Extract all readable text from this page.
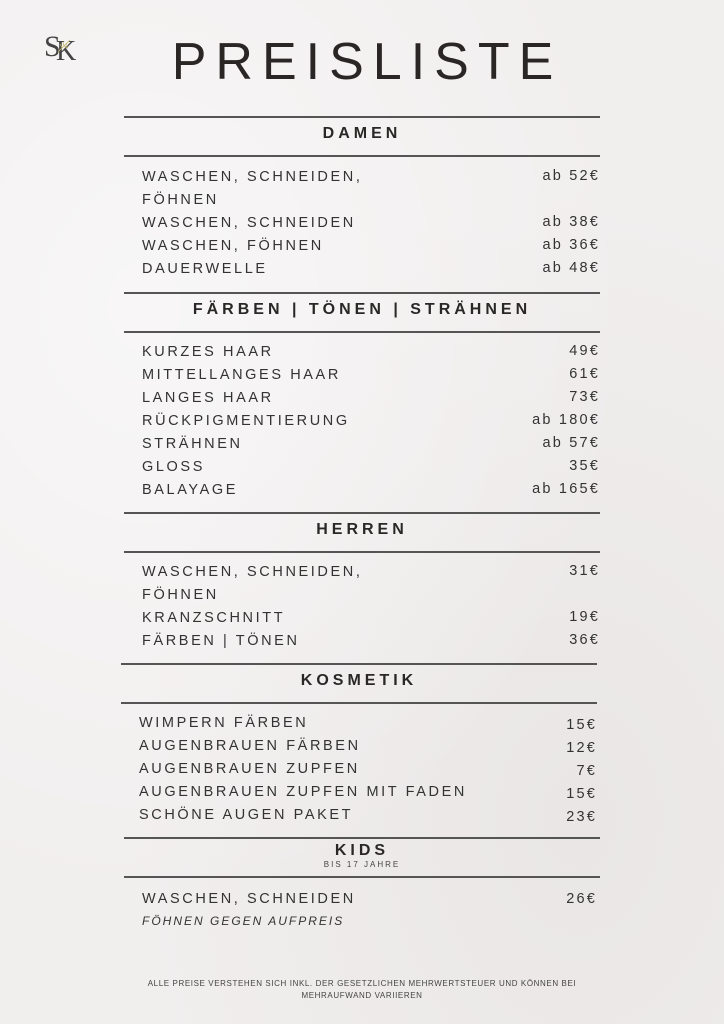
S
K	PREISLISTE
DAMEN
WASCHEN, SCHNEIDEN,	ab 52€
FÖHNEN
WASCHEN, SCHNEIDEN	ab 38€
WASCHEN, FÖHNEN	ab 36€
DAUERWELLE	ab 48€
FÄRBEN | TÖNEN | STRÄHNEN
KURZES HAAR	49€
MITTELLANGES HAAR	61€
LANGES HAAR	73€
RÜCKPIGMENTIERUNG	ab 180€
STRÄHNEN	ab 57€
GLOSS	35€
BALAYAGE	ab 165€
HERREN
WASCHEN, SCHNEIDEN,	31€
FÖHNEN
KRANZSCHNITT	19€
FÄRBEN | TÖNEN	36€
KOSMETIK
WIMPERN FÄRBEN	15€
AUGENBRAUEN FÄRBEN	12€
AUGENBRAUEN ZUPFEN	7€
AUGENBRAUEN ZUPFEN MIT FADEN	15€
SCHÖNE AUGEN PAKET	23€
KIDS
BIS 17 JAHRE
WASCHEN, SCHNEIDEN	26€
FÖHNEN GEGEN AUFPREIS
ALLE PREISE VERSTEHEN SICH INKL. DER GESETZLICHEN MEHRWERTSTEUER UND KÖNNEN BEI
MEHRAUFWAND VARIIEREN
